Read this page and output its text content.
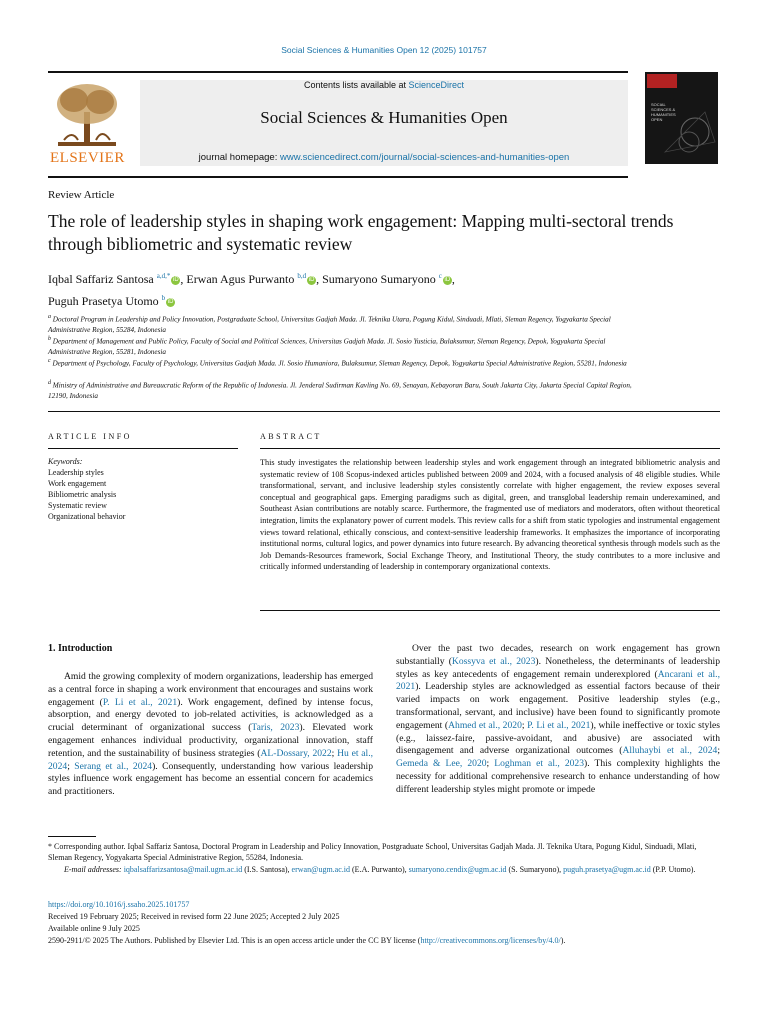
Social Sciences & Humanities Open 12 (2025) 101757
ELSEVIER
Contents lists available at ScienceDirect
Social Sciences & Humanities Open
journal homepage: www.sciencedirect.com/journal/social-sciences-and-humanities-open
SOCIAL
SCIENCES &
HUMANITIES
OPEN
Review Article
The role of leadership styles in shaping work engagement: Mapping multi-sectoral trends through bibliometric and systematic review
Iqbal Saffariz Santosa $^{a,d,*}$ iD , Erwan Agus Purwanto $^{b,d}$ iD , Sumaryono Sumaryono $^c$ iD ,
Puguh Prasetya Utomo $^b$ iD
$^a$ Doctoral Program in Leadership and Policy Innovation, Postgraduate School, Universitas Gadjah Mada. Jl. Teknika Utara, Pogung Kidul, Sinduadi, Mlati, Sleman Regency, Yogyakarta Special Administrative Region, 55284, Indonesia
$^b$ Department of Management and Public Policy, Faculty of Social and Political Sciences, Universitas Gadjah Mada. Jl. Sosio Yusticia, Bulaksumur, Sleman Regency, Depok, Yogyakarta Special Administrative Region, 55281, Indonesia
$^c$ Department of Psychology, Faculty of Psychology, Universitas Gadjah Mada. Jl. Sosio Humaniora, Bulaksumur, Sleman Regency, Depok, Yogyakarta Special Administrative Region, 55281, Indonesia
$^d$ Ministry of Administrative and Bureaucratic Reform of the Republic of Indonesia. Jl. Jenderal Sudirman Kavling No. 69, Senayan, Kebayoran Baru, South Jakarta City, Jakarta Special Capital Region, 12190, Indonesia
ARTICLE INFO
Keywords:
Leadership styles
Work engagement
Bibliometric analysis
Systematic review
Organizational behavior
ABSTRACT
This study investigates the relationship between leadership styles and work engagement through an integrated bibliometric analysis and systematic review of 108 Scopus-indexed articles published between 2009 and 2024, with a focused analysis of 48 eligible studies. While transformational, servant, and inclusive leadership styles consistently correlate with higher engagement, the review exposes several conceptual and geographical gaps. Emerging paradigms such as digital, green, and transglobal leadership remain underexamined, and Southeast Asian contributions are notably scarce. Furthermore, the fragmented use of mediators and moderators, often without theoretical integration, limits the explanatory power of current models. This review calls for a shift from static typologies and instrumental engagement views toward relational, ethically conscious, and context-sensitive leadership frameworks. It emphasizes the importance of incorporating institutional norms, cultural logics, and power dynamics into future research. By advancing theoretical synthesis through models such as the Job Demands-Resources framework, Social Exchange Theory, and Institutional Theory, the study contributes to a more inclusive and critically informed understanding of leadership in contemporary organizational contexts.
1. Introduction
Amid the growing complexity of modern organizations, leadership has emerged as a central force in shaping a work environment that encourages and sustains work engagement (P. Li et al., 2021). Work engagement, defined by intense focus, absorption, and energy devoted to job-related activities, is acknowledged as a crucial determinant of organizational success (Taris, 2023). Elevated work engagement enhances individual productivity, organizational innovation, staff retention, and the sustainability of business strategies (AL-Dossary, 2022; Hu et al., 2024; Serang et al., 2024). Consequently, understanding how various leadership styles influence work engagement has become an essential concern for academics and practitioners.
Over the past two decades, research on work engagement has grown substantially (Kossyva et al., 2023). Nonetheless, the determinants of leadership styles as key antecedents of engagement remain underexplored (Ancarani et al., 2021). Leadership styles are acknowledged as essential factors because of their varied impacts on work engagement. Positive leadership styles (e.g., transformational, servant, and inclusive) have been found to significantly promote engagement (Ahmed et al., 2020; P. Li et al., 2021), while ineffective or toxic styles (e.g., laissez-faire, passive-avoidant, and abusive) are associated with disengagement and adverse organizational outcomes (Alluhaybi et al., 2024; Gemeda & Lee, 2020; Loghman et al., 2023). This complexity highlights the necessity for additional comprehensive research to enhance understanding of how different leadership styles might promote or impede
* Corresponding author. Iqbal Saffariz Santosa, Doctoral Program in Leadership and Policy Innovation, Postgraduate School, Universitas Gadjah Mada. Jl. Teknika Utara, Pogung Kidul, Sinduadi, Mlati, Sleman Regency, Yogyakarta Special Administrative Region, 55284, Indonesia.
E-mail addresses: iqbalsaffarizsantosa@mail.ugm.ac.id (I.S. Santosa), erwan@ugm.ac.id (E.A. Purwanto), sumaryono.cendix@ugm.ac.id (S. Sumaryono), puguh.prasetya@ugm.ac.id (P.P. Utomo).
https://doi.org/10.1016/j.ssaho.2025.101757
Received 19 February 2025; Received in revised form 22 June 2025; Accepted 2 July 2025
Available online 9 July 2025
2590-2911/© 2025 The Authors. Published by Elsevier Ltd. This is an open access article under the CC BY license (http://creativecommons.org/licenses/by/4.0/).
